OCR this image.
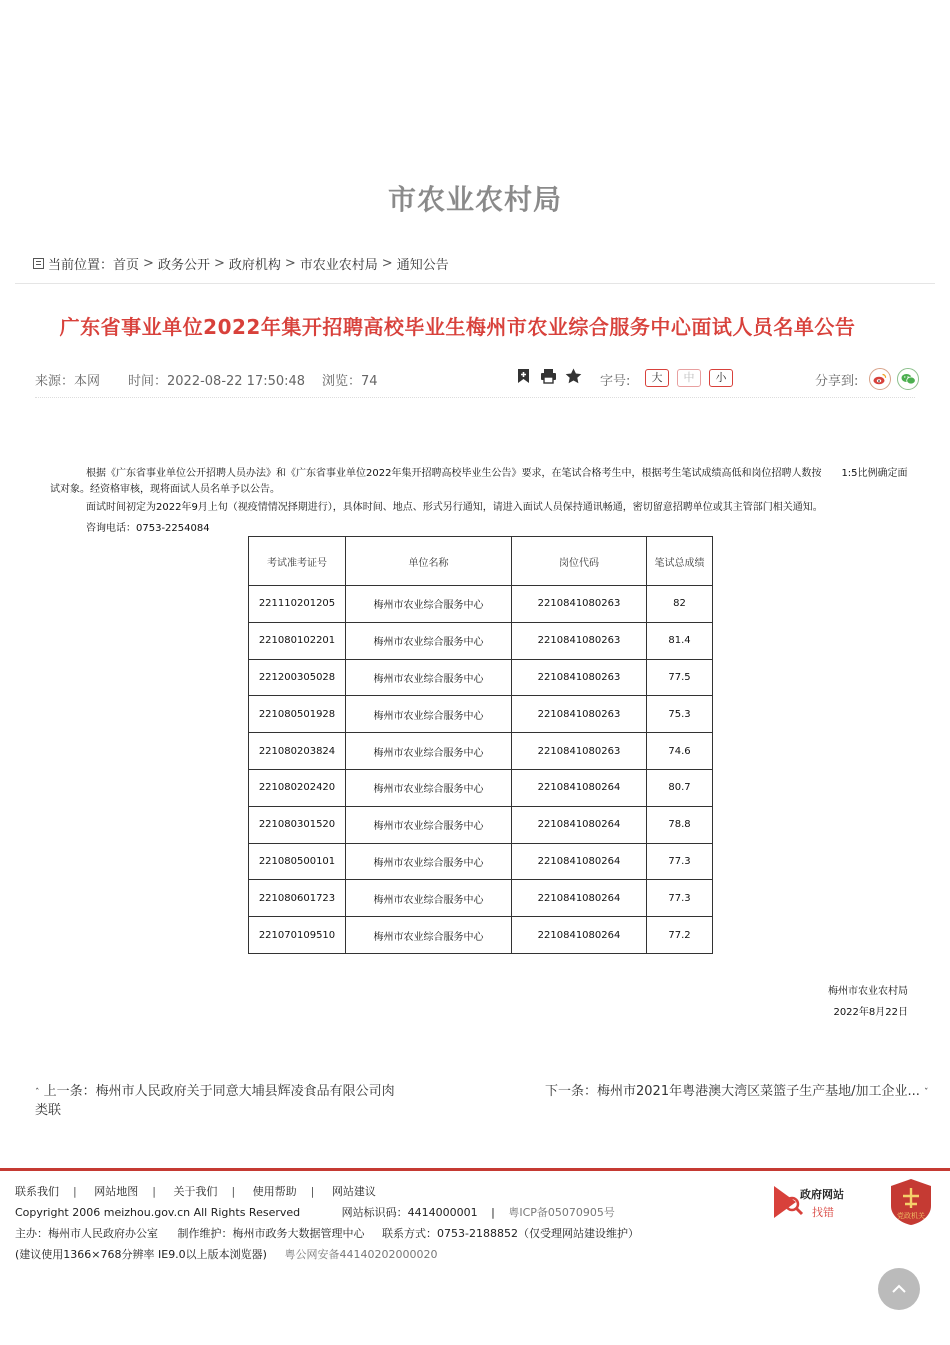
市农业农村局
当前位置： 首页 > 政务公开 > 政府机构 > 市农业农村局 > 通知公告
广东省事业单位2022年集开招聘高校毕业生梅州市农业综合服务中心面试人员名单公告
来源：本网 时间：2022-08-22 17:50:48 浏览：74	字号:	大	中	小	分享到:

根据《广东省事业单位公开招聘人员办法》和《广东省事业单位2022年集开招聘高校毕业生公告》要求，在笔试合格考生中，根据考生笔试成绩高低和岗位招聘人数按　　1:5比例确定面试对象。经资格审核，现将面试人员名单予以公告。

面试时间初定为2022年9月上旬（视疫情情况择期进行），具体时间、地点、形式另行通知，请进入面试人员保持通讯畅通，密切留意招聘单位或其主管部门相关通知。

咨询电话：0753-2254084

考试准考证号	单位名称	岗位代码	笔试总成绩
221110201205	梅州市农业综合服务中心	2210841080263	82
221080102201	梅州市农业综合服务中心	2210841080263	81.4
221200305028	梅州市农业综合服务中心	2210841080263	77.5
221080501928	梅州市农业综合服务中心	2210841080263	75.3
221080203824	梅州市农业综合服务中心	2210841080263	74.6
221080202420	梅州市农业综合服务中心	2210841080264	80.7
221080301520	梅州市农业综合服务中心	2210841080264	78.8
221080500101	梅州市农业综合服务中心	2210841080264	77.3
221080601723	梅州市农业综合服务中心	2210841080264	77.3
221070109510	梅州市农业综合服务中心	2210841080264	77.2
梅州市农业农村局
2022年8月22日
ˆ 上一条：梅州市人民政府关于同意大埔县辉凌食品有限公司肉类联
下一条：梅州市2021年粤港澳大湾区菜篮子生产基地/加工企业... ˇ
联系我们 | 网站地图 | 关于我们 | 使用帮助 | 网站建议
Copyright 2006 meizhou.gov.cn All Rights Reserved	网站标识码：4414000001 | 粤ICP备05070905号
主办：梅州市人民政府办公室 制作维护：梅州市政务大数据管理中心 联系方式：0753-2188852（仅受理网站建设维护）
(建议使用1366×768分辨率 IE9.0以上版本浏览器) 粤公网安备44140202000020
政府网站
找错	党政机关
